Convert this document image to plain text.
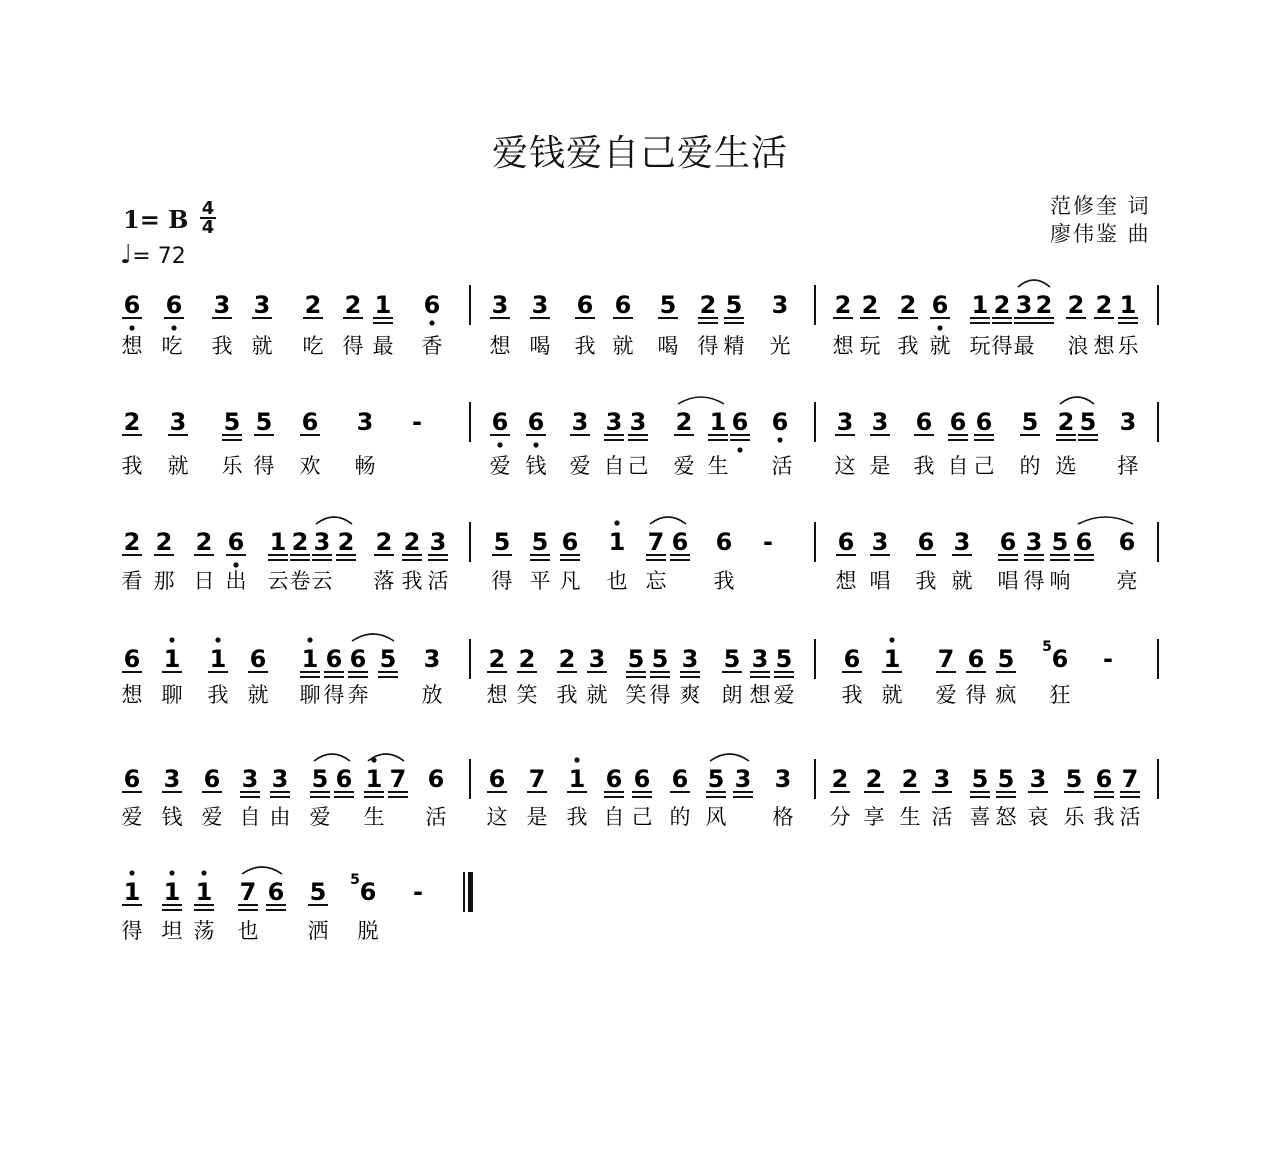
爱钱爱自己爱生活
范修奎 词
廖伟鉴 曲
1= B 4
4
♩= 72
6 6 3 3 2 2 1 6 3 3 6 6 5 2 5 3 2 2 2 6 1 2 3 2 2 2 1
想 吃 我 就 吃 得 最 香 想 喝 我 就 喝 得 精 光 想 玩 我 就 玩 得 最 浪 想 乐
2 3 5 5 6 3 -	6 6 3 3 3 2 1 6 6 3 3 6 6 6 5 2 5 3
我 就 乐 得 欢 畅	爱 钱 爱 自 己 爱 生 活 这 是 我 自 己 的 选 择
2 2 2 6 1 2 3 2 2 2 3 5 5 6 1 7 6 6 -	6 3 6 3 6 3 5 6 6
看 那 日 出 云 卷 云 落 我 活 得 平 凡 也 忘 我	想 唱 我 就 唱 得 响 亮
6 1 1 6 1 6 6 5 3 2 2 2 3 5 5 3 5 3 5 6 1 7 6 5 6
5 -
想 聊 我 就 聊 得 奔	放 想 笑 我 就 笑 得 爽 朗 想 爱 我 就 爱 得 疯 狂
6 3 6 3 3 5 6 1 7 6 6 7 1 6 6 6 5 3 3 2 2 2 3 5 5 3 5 6 7
爱 钱 爱 自 由 爱 生 活 这 是 我 自 己 的 风 格 分 享 生 活 喜 怒 哀 乐 我 活
1 1 1 7 6 5 6
5 -
得 坦 荡 也 洒 脱
